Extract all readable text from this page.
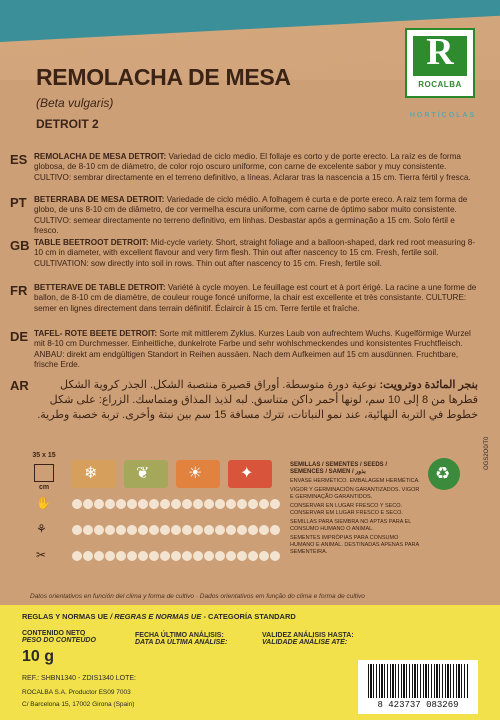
R
ROCALBA
HORTÍCOLAS
REMOLACHA DE MESA
(Beta vulgaris)
DETROIT 2
ES REMOLACHA DE MESA DETROIT: Variedad de ciclo medio. El follaje es corto y de porte erecto. La raíz es de forma globosa, de 8-10 cm de diámetro, de color rojo oscuro uniforme, con carne de excelente sabor y muy consistente. CULTIVO: sembrar directamente en el terreno definitivo, a líneas. Aclarar tras la nascencia a 15 cm. Tierra fértil y fresca.
PT BETERRABA DE MESA DETROIT: Variedade de ciclo médio. A folhagem é curta e de porte ereco. A raiz tem forma de globo, de uns 8-10 cm de diâmetro, de cor vermelha escura uniforme, com carne de óptimo sabor muito consistente. CULTIVO: semear directamente no terreno definitivo, em linhas. Desbastar após a germinação a 15 cm. Solo fértil e fresco.
GB TABLE BEETROOT DETROIT: Mid-cycle variety. Short, straight foliage and a balloon-shaped, dark red root measuring 8-10 cm in diameter, with excellent flavour and very firm flesh. Thin out after nascency to 15 cm. Fresh, fertile soil. CULTIVATION: sow directly into soil in rows. Thin out after nascency to 15 cm. Fresh, fertile soil.
FR BETTERAVE DE TABLE DETROIT: Variété à cycle moyen. Le feuillage est court et à port érigé. La racine a une forme de ballon, de 8-10 cm de diamètre, de couleur rouge foncé uniforme, la chair est excellente et très consistante. CULTURE: semer en lignes directement dans terrain définitif. Éclaircir à 15 cm. Terre fertile et fraîche.
DE TAFEL- ROTE BEETE DETROIT: Sorte mit mittlerem Zyklus. Kurzes Laub von aufrechtem Wuchs. Kugelförmige Wurzel mit 8-10 cm Durchmesser. Einheitliche, dunkelrote Farbe und sehr wohlschmeckendes und konsistentes Fruchtfleisch. ANBAU: direkt am endgültigen Standort in Reihen aussäen. Nach dem Aufkeimen auf 15 cm ausdünnen. Fruchtbare, frische Erde.
AR	بنجر المائدة دوترويت: نوعية دورة متوسطة. أوراق قصيرة منتصبة الشكل. الجذر كروية الشكل قطرها من 8 إلى 10 سم، لونها أحمر داكن متناسق. لبه لذيذ المذاق ومتماسك. الزراع: على شكل خطوط في التربة النهائية، عند نمو النباتات، تترك مسافة 15 سم بين نبتة وأخرى. تربة خصبة وطرية.
35 x 15
cm
❄ ❦ ☀ ✦
✋
⚘
✂
SEMILLAS / SEMENTES / SEEDS /
SEMENCES / SAMEN / بذور
ENVASE HERMÉTICO. EMBALAGEM HERMÉTICA.
VIGOR Y GERMINACIÓN GARANTIZADOS. VIGOR E GERMINAÇÃO GARANTIDOS.
CONSERVAR EN LUGAR FRESCO Y SECO. CONSERVAR EM LUGAR FRESCO E SECO.
SEMILLAS PARA SIEMBRA NO APTAS PARA EL CONSUMO HUMANO O ANIMAL.
SEMENTES IMPRÓPIAS PARA CONSUMO HUMANO E ANIMAL. DESTINADAS APENAS PARA SEMENTEIRA.
♻
Datos orientativos en función del clima y forma de cultivo · Dados orientativos em função do clima e forma de cultivo
REGLAS Y NORMAS UE / REGRAS E NORMAS UE - CATEGORÍA STANDARD
CONTENIDO NETO
PESO DO CONTEÚDO
10 g
FECHA ÚLTIMO ANÁLISIS:
DATA DA ÚLTIMA ANÁLISE:
VALIDEZ ANÁLISIS HASTA:
VALIDADE ANÁLISE ATÉ:
REF.: SHBN1340 - ZDIS1340 LOTE:
ROCALBA S.A. Productor ES09 7003
C/ Barcelona 15, 17002 Girona (Spain)	8 423737 083269
OGS2O0/T0
